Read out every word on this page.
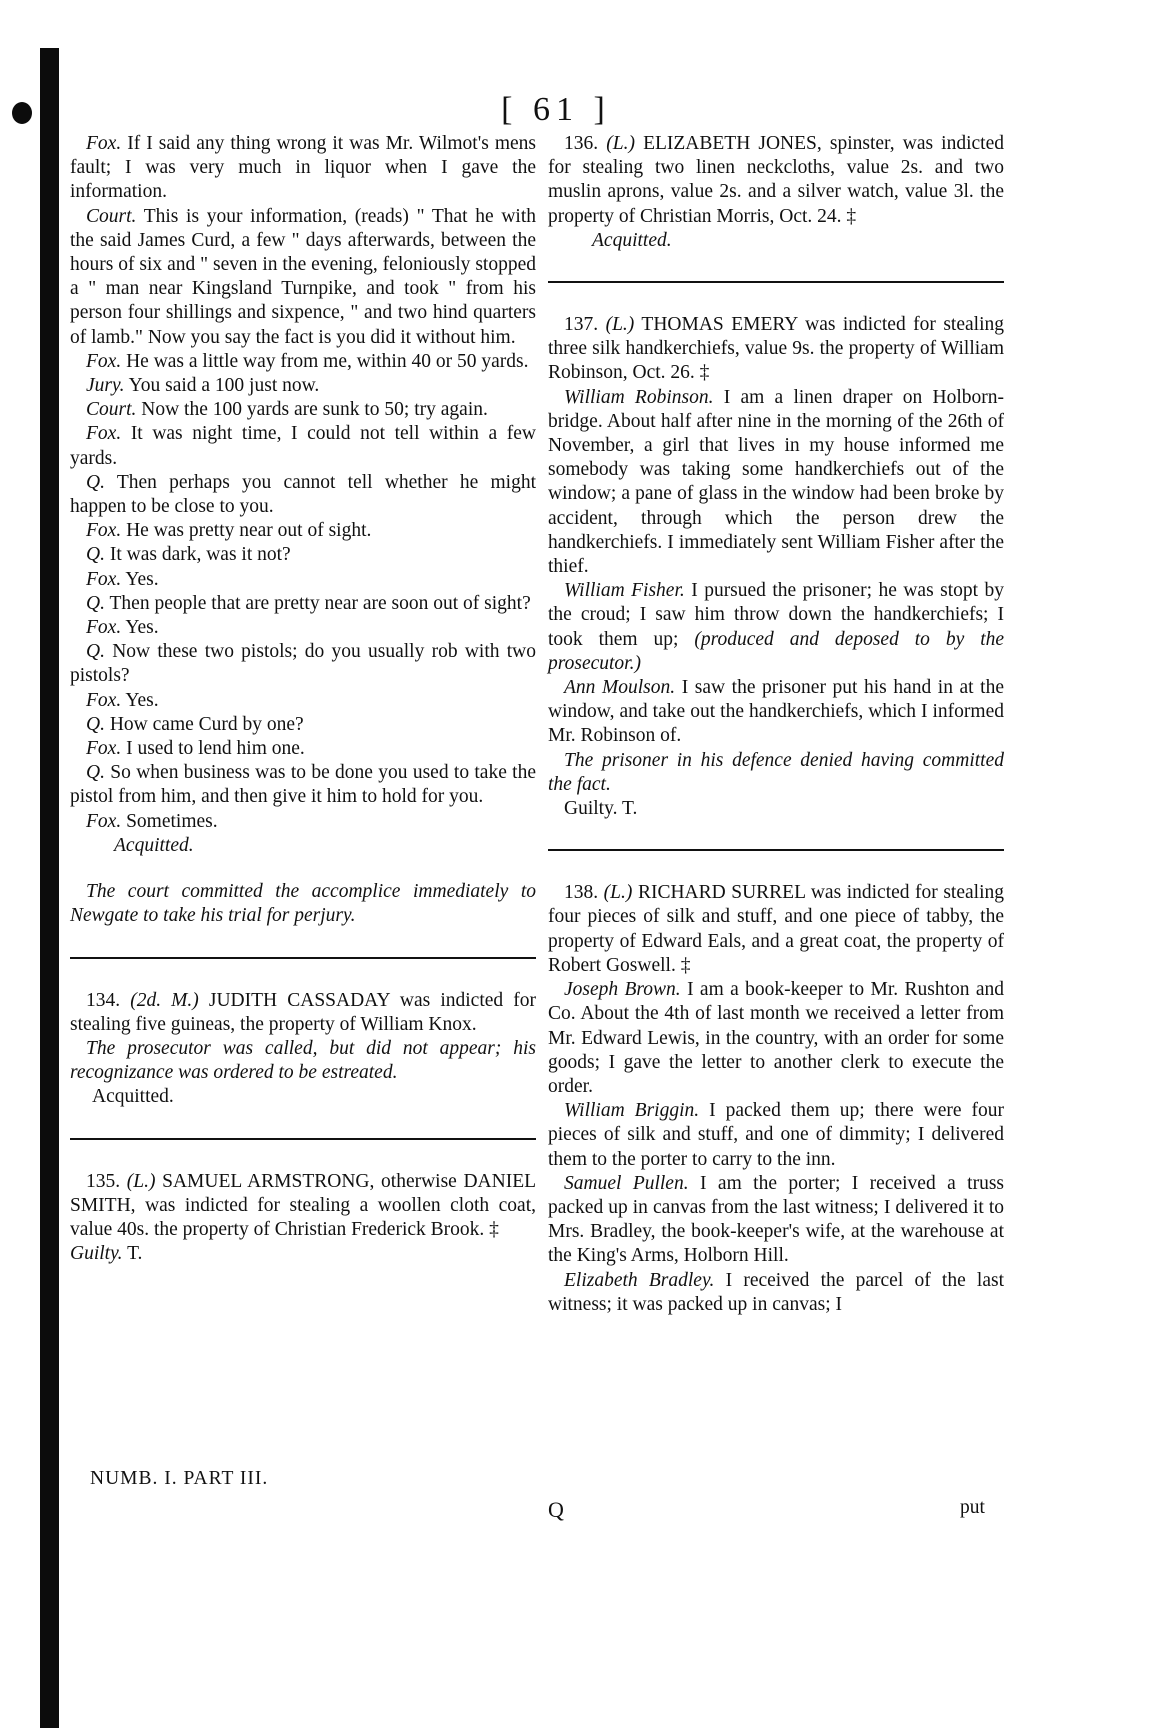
[ 61 ]

Fox. If I said any thing wrong it was Mr. Wilmot's mens fault; I was very much in liquor when I gave the information.

Court. This is your information, (reads) " That he with the said James Curd, a few " days afterwards, between the hours of six and " seven in the evening, feloniously stopped a " man near Kingsland Turnpike, and took " from his person four shillings and sixpence, " and two hind quarters of lamb." Now you say the fact is you did it without him.

Fox. He was a little way from me, within 40 or 50 yards.

Jury. You said a 100 just now.

Court. Now the 100 yards are sunk to 50; try again.

Fox. It was night time, I could not tell within a few yards.

Q. Then perhaps you cannot tell whether he might happen to be close to you.

Fox. He was pretty near out of sight.

Q. It was dark, was it not?

Fox. Yes.

Q. Then people that are pretty near are soon out of sight?

Fox. Yes.

Q. Now these two pistols; do you usually rob with two pistols?

Fox. Yes.

Q. How came Curd by one?

Fox. I used to lend him one.

Q. So when business was to be done you used to take the pistol from him, and then give it him to hold for you.

Fox. Sometimes.

Acquitted.

The court committed the accomplice immediately to Newgate to take his trial for perjury.

134. (2d. M.) JUDITH CASSADAY was indicted for stealing five guineas, the property of William Knox.

The prosecutor was called, but did not appear; his recognizance was ordered to be estreated.

Acquitted.

135. (L.) SAMUEL ARMSTRONG, otherwise DANIEL SMITH, was indicted for stealing a woollen cloth coat, value 40s. the property of Christian Frederick Brook. ‡

Guilty. T.

NUMB. I. PART III.

136. (L.) ELIZABETH JONES, spinster, was indicted for stealing two linen neckcloths, value 2s. and two muslin aprons, value 2s. and a silver watch, value 3l. the property of Christian Morris, Oct. 24. ‡

Acquitted.

137. (L.) THOMAS EMERY was indicted for stealing three silk handkerchiefs, value 9s. the property of William Robinson, Oct. 26. ‡

William Robinson. I am a linen draper on Holborn-bridge. About half after nine in the morning of the 26th of November, a girl that lives in my house informed me somebody was taking some handkerchiefs out of the window; a pane of glass in the window had been broke by accident, through which the person drew the handkerchiefs. I immediately sent William Fisher after the thief.

William Fisher. I pursued the prisoner; he was stopt by the croud; I saw him throw down the handkerchiefs; I took them up; (produced and deposed to by the prosecutor.)

Ann Moulson. I saw the prisoner put his hand in at the window, and take out the handkerchiefs, which I informed Mr. Robinson of.

The prisoner in his defence denied having committed the fact.

Guilty. T.

138. (L.) RICHARD SURREL was indicted for stealing four pieces of silk and stuff, and one piece of tabby, the property of Edward Eals, and a great coat, the property of Robert Goswell. ‡

Joseph Brown. I am a book-keeper to Mr. Rushton and Co. About the 4th of last month we received a letter from Mr. Edward Lewis, in the country, with an order for some goods; I gave the letter to another clerk to execute the order.

William Briggin. I packed them up; there were four pieces of silk and stuff, and one of dimmity; I delivered them to the porter to carry to the inn.

Samuel Pullen. I am the porter; I received a truss packed up in canvas from the last witness; I delivered it to Mrs. Bradley, the book-keeper's wife, at the warehouse at the King's Arms, Holborn Hill.

Elizabeth Bradley. I received the parcel of the last witness; it was packed up in canvas; I

Q	put
